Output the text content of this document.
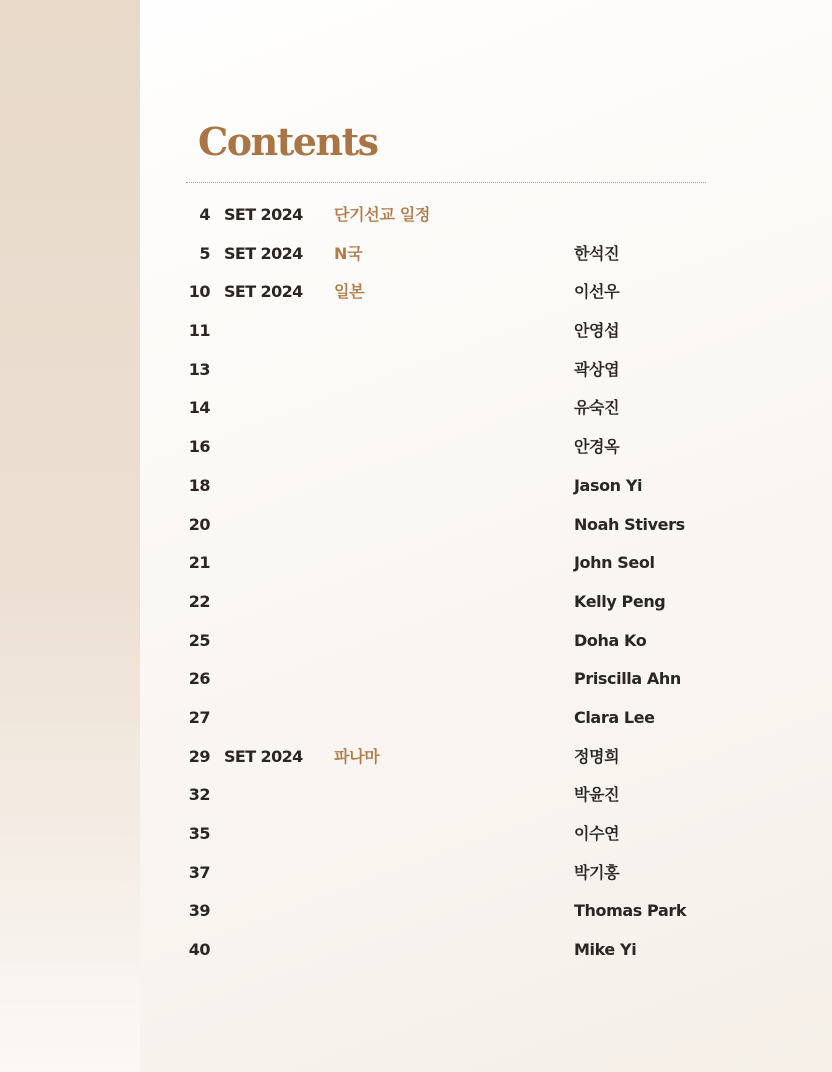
Contents
4 SET 2024 단기선교 일정
5 SET 2024 N국	한석진
10 SET 2024 일본	이선우
11	안영섭
13	곽상엽
14	유숙진
16	안경옥
18	Jason Yi
20	Noah Stivers
21	John Seol
22	Kelly Peng
25	Doha Ko
26	Priscilla Ahn
27	Clara Lee
29 SET 2024 파나마	정명희
32	박윤진
35	이수연
37	박기홍
39	Thomas Park
40	Mike Yi
